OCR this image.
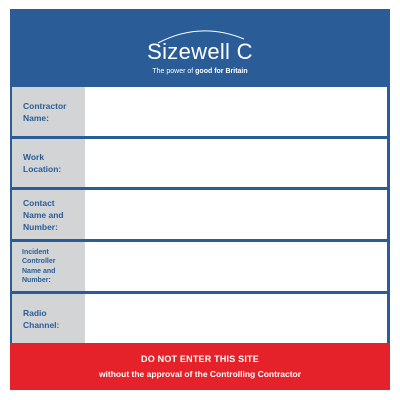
Sizewell C
The power of good for Britain
Contractor
Name:
Work
Location:
Contact
Name and
Number:
Incident
Controller
Name and
Number:
Radio
Channel:
DO NOT ENTER THIS SITE
without the approval of the Controlling Contractor
